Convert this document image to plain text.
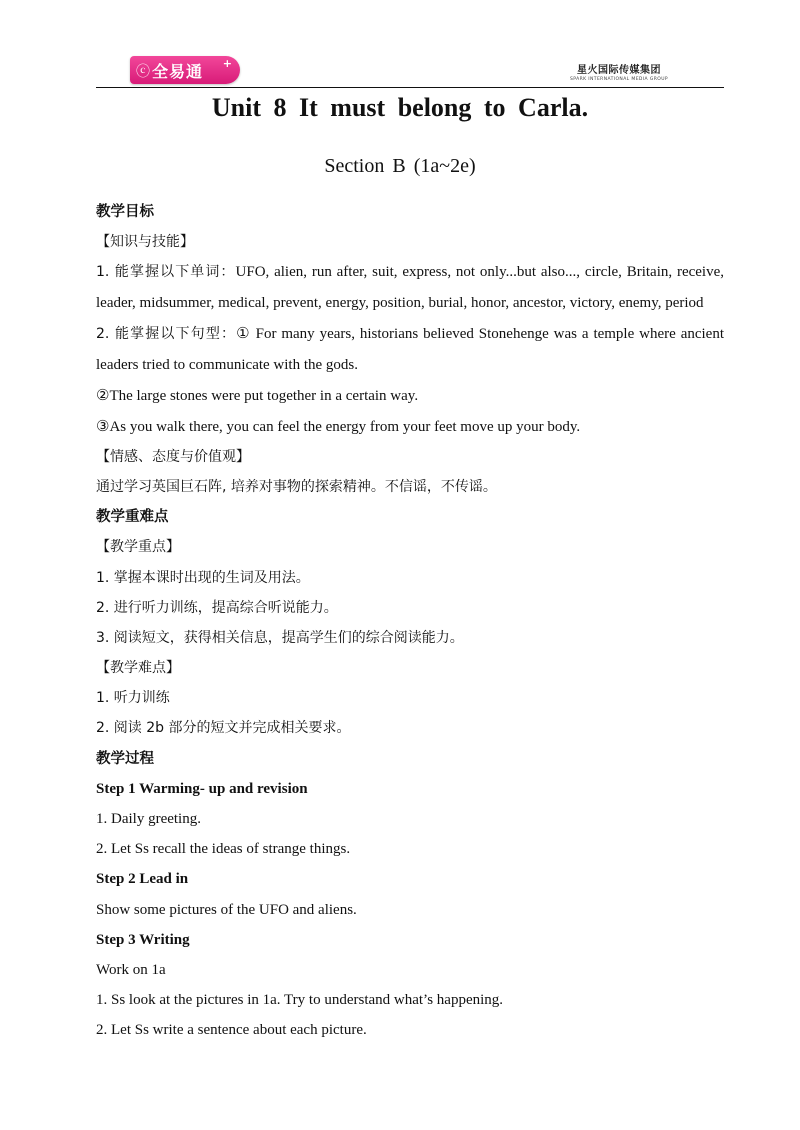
ⓒ 全易通 +
星火国际传媒集团
SPARK INTERNATIONAL MEDIA GROUP
Unit 8 It must belong to Carla.
Section B (1a~2e)
教学目标
【知识与技能】

1. 能掌握以下单词：UFO, alien, run after, suit, express, not only...but also..., circle, Britain, receive, leader, midsummer, medical, prevent, energy, position, burial, honor, ancestor, victory, enemy, period

2. 能掌握以下句型：① For many years, historians believed Stonehenge was a temple where ancient leaders tried to communicate with the gods.

②The large stones were put together in a certain way.
③As you walk there, you can feel the energy from your feet move up your body.
【情感、态度与价值观】
通过学习英国巨石阵, 培养对事物的探索精神。不信谣，不传谣。
教学重难点
【教学重点】
1. 掌握本课时出现的生词及用法。
2. 进行听力训练，提高综合听说能力。
3. 阅读短文，获得相关信息，提高学生们的综合阅读能力。
【教学难点】
1. 听力训练
2. 阅读 2b 部分的短文并完成相关要求。
教学过程
Step 1 Warming- up and revision
1. Daily greeting.
2. Let Ss recall the ideas of strange things.
Step 2 Lead in
Show some pictures of the UFO and aliens.
Step 3 Writing
Work on 1a
1. Ss look at the pictures in 1a. Try to understand what’s happening.
2. Let Ss write a sentence about each picture.
